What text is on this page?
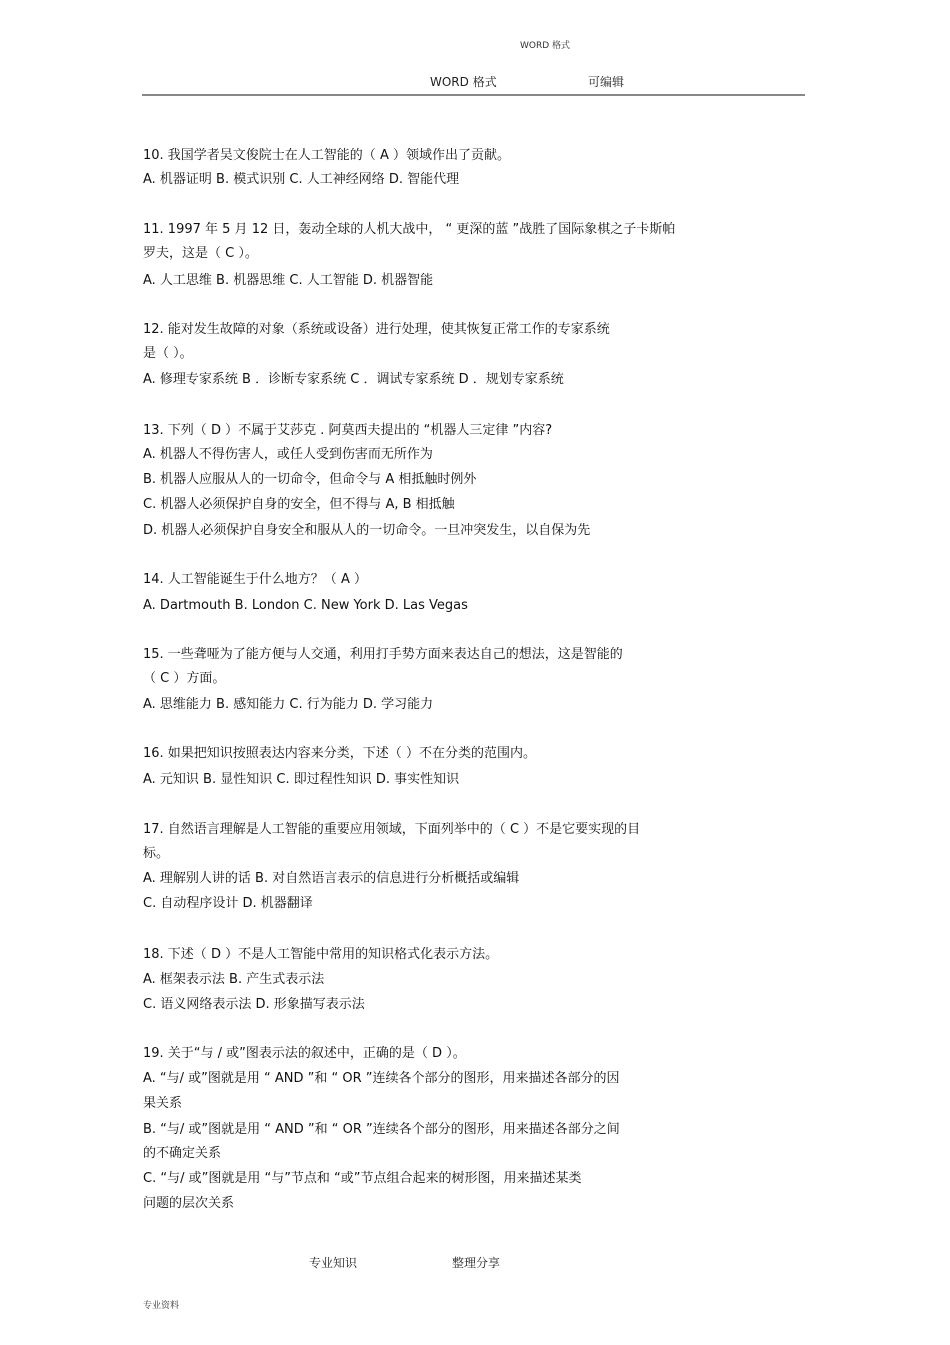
WORD 格式
WORD 格式	可编辑
10. 我国学者吴文俊院士在人工智能的（ A ）领域作出了贡献。
A. 机器证明 B. 模式识别 C. 人工神经网络 D. 智能代理
11. 1997 年 5 月 12 日，轰动全球的人机大战中， “ 更深的蓝 ”战胜了国际象棋之子卡斯帕
罗夫，这是（ C ）。
A. 人工思维 B. 机器思维 C. 人工智能 D. 机器智能
12. 能对发生故障的对象（系统或设备）进行处理，使其恢复正常工作的专家系统
是（ ）。
A. 修理专家系统 B ．诊断专家系统 C ．调试专家系统 D ．规划专家系统
13. 下列（ D ）不属于艾莎克 . 阿莫西夫提出的 “机器人三定律 ”内容?
A. 机器人不得伤害人，或任人受到伤害而无所作为
B. 机器人应服从人的一切命令，但命令与 A 相抵触时例外
C. 机器人必须保护自身的安全，但不得与 A, B 相抵触
D. 机器人必须保护自身安全和服从人的一切命令。一旦冲突发生，以自保为先
14. 人工智能诞生于什么地方？（ A ）
A. Dartmouth B. London C. New York D. Las Vegas
15. 一些聋哑为了能方便与人交通，利用打手势方面来表达自己的想法，这是智能的
（ C ）方面。
A. 思维能力 B. 感知能力 C. 行为能力 D. 学习能力
16. 如果把知识按照表达内容来分类，下述（ ）不在分类的范围内。
A. 元知识 B. 显性知识 C. 即过程性知识 D. 事实性知识
17. 自然语言理解是人工智能的重要应用领域，下面列举中的（ C ）不是它要实现的目
标。
A. 理解别人讲的话 B. 对自然语言表示的信息进行分析概括或编辑
C. 自动程序设计 D. 机器翻译
18. 下述（ D ）不是人工智能中常用的知识格式化表示方法。
A. 框架表示法 B. 产生式表示法
C. 语义网络表示法 D. 形象描写表示法
19. 关于“与 / 或”图表示法的叙述中，正确的是（ D ）。
A. “与/ 或”图就是用 “ AND ”和 “ OR ”连续各个部分的图形，用来描述各部分的因
果关系
B. “与/ 或”图就是用 “ AND ”和 “ OR ”连续各个部分的图形，用来描述各部分之间
的不确定关系
C. “与/ 或”图就是用 “与”节点和 “或”节点组合起来的树形图，用来描述某类
问题的层次关系
专业知识	整理分享
专业资料
